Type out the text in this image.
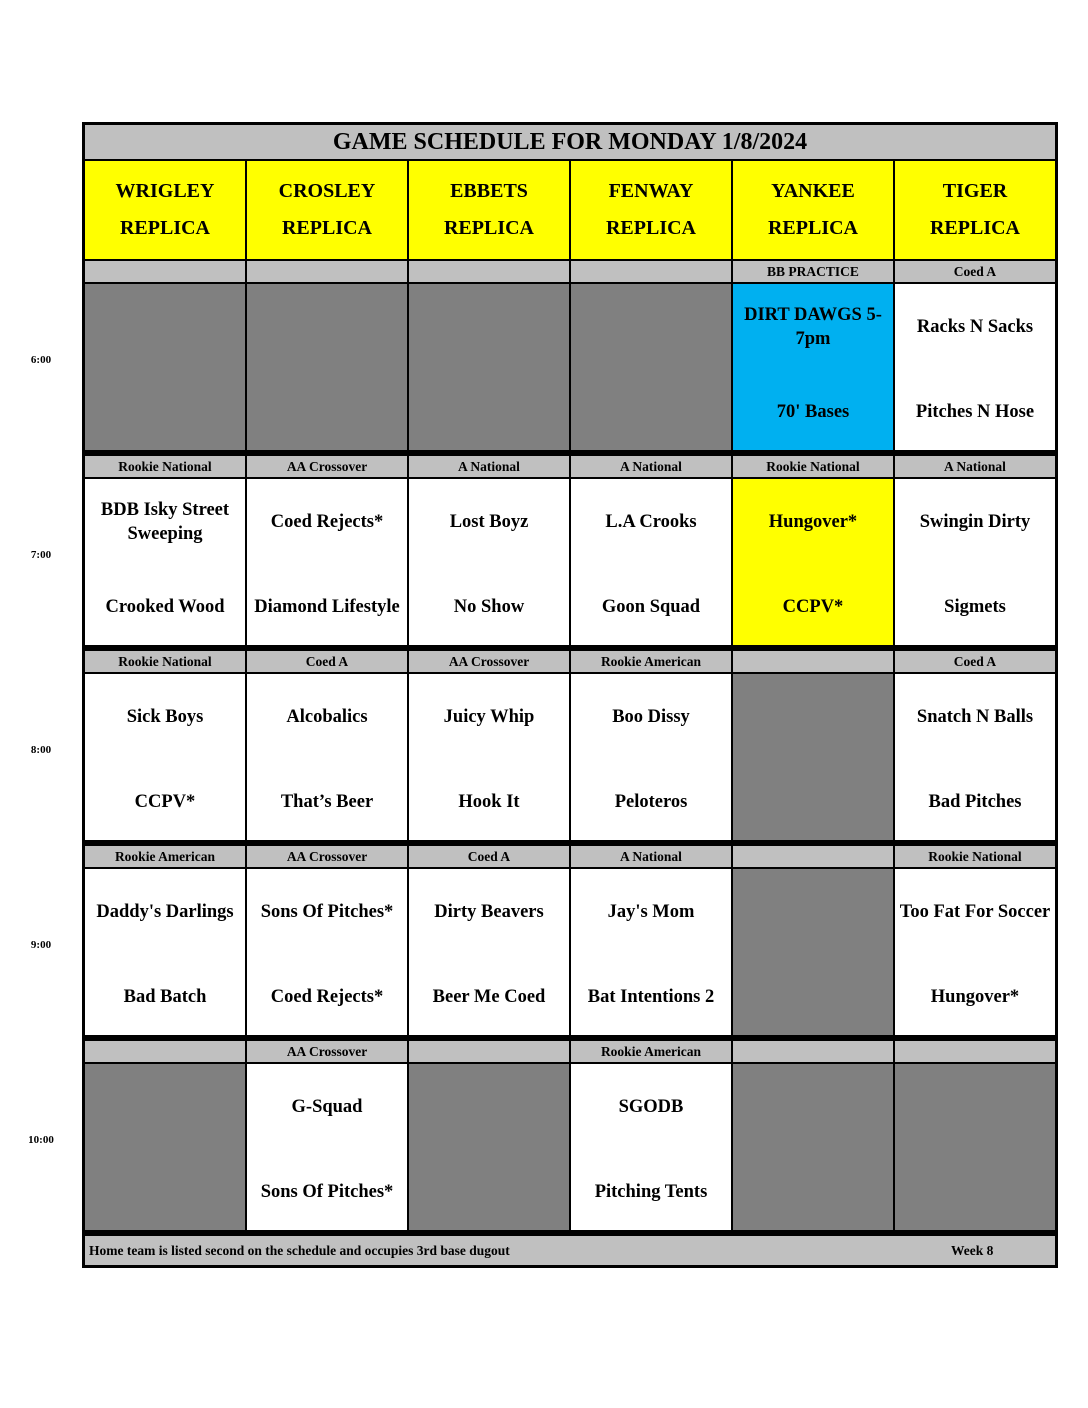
6:00
7:00
8:00
9:00
10:00
GAME SCHEDULE FOR MONDAY 1/8/2024
Home team is listed second on the schedule and occupies 3rd base dugout	Week 8
WRIGLEY
REPLICA
CROSLEY
REPLICA
EBBETS
REPLICA
FENWAY
REPLICA
YANKEE
REPLICA
TIGER
REPLICA
BB PRACTICE
DIRT DAWGS 5-7pm
70' Bases
Coed A
Racks N Sacks
Pitches N Hose
Rookie National
BDB Isky Street Sweeping
Crooked Wood
AA Crossover
Coed Rejects*
Diamond Lifestyle
A National
Lost Boyz
No Show
A National
L.A Crooks
Goon Squad
Rookie National
Hungover*
CCPV*
A National
Swingin Dirty
Sigmets
Rookie National
Sick Boys
CCPV*
Coed A
Alcobalics
That’s Beer
AA Crossover
Juicy Whip
Hook It
Rookie American
Boo Dissy
Peloteros
Coed A
Snatch N Balls
Bad Pitches
Rookie American
Daddy's Darlings
Bad Batch
AA Crossover
Sons Of Pitches*
Coed Rejects*
Coed A
Dirty Beavers
Beer Me Coed
A National
Jay's Mom
Bat Intentions 2
Rookie National
Too Fat For Soccer
Hungover*
AA Crossover
G-Squad
Sons Of Pitches*
Rookie American
SGODB
Pitching Tents
